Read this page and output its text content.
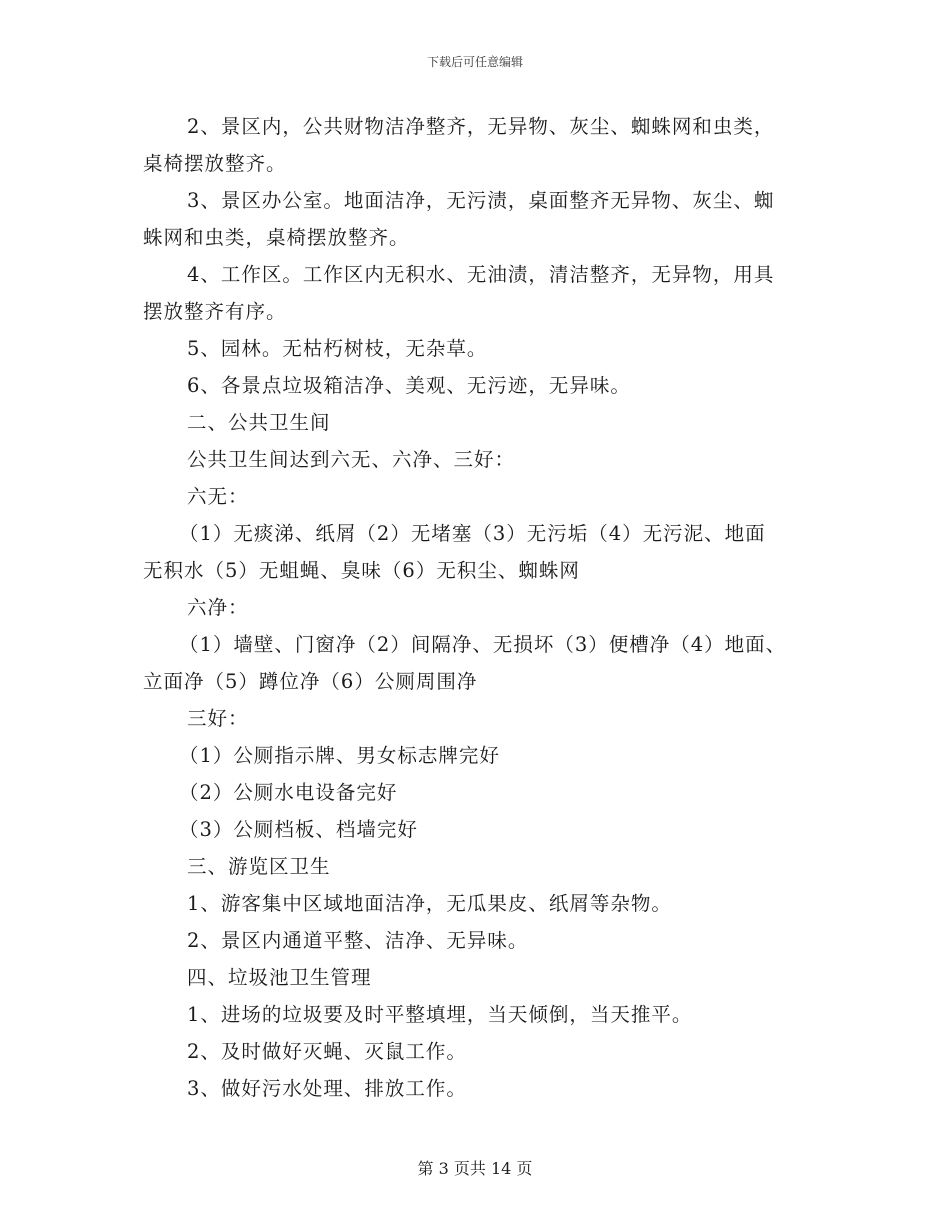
下载后可任意编辑
2、景区内，公共财物洁净整齐，无异物、灰尘、蜘蛛网和虫类，
桌椅摆放整齐。
3、景区办公室。地面洁净，无污渍，桌面整齐无异物、灰尘、蜘
蛛网和虫类，桌椅摆放整齐。
4、工作区。工作区内无积水、无油渍，清洁整齐，无异物，用具
摆放整齐有序。
5、园林。无枯朽树枝，无杂草。
6、各景点垃圾箱洁净、美观、无污迹，无异味。
二、公共卫生间
公共卫生间达到六无、六净、三好：
六无：
（1）无痰涕、纸屑（2）无堵塞（3）无污垢（4）无污泥、地面
无积水（5）无蛆蝇、臭味（6）无积尘、蜘蛛网
六净：
（1）墙壁、门窗净（2）间隔净、无损坏（3）便槽净（4）地面、
立面净（5）蹲位净（6）公厕周围净
三好：
（1）公厕指示牌、男女标志牌完好
（2）公厕水电设备完好
（3）公厕档板、档墙完好
三、游览区卫生
1、游客集中区域地面洁净，无瓜果皮、纸屑等杂物。
2、景区内通道平整、洁净、无异味。
四、垃圾池卫生管理
1、进场的垃圾要及时平整填埋，当天倾倒，当天推平。
2、及时做好灭蝇、灭鼠工作。
3、做好污水处理、排放工作。
第 3 页共 14 页
